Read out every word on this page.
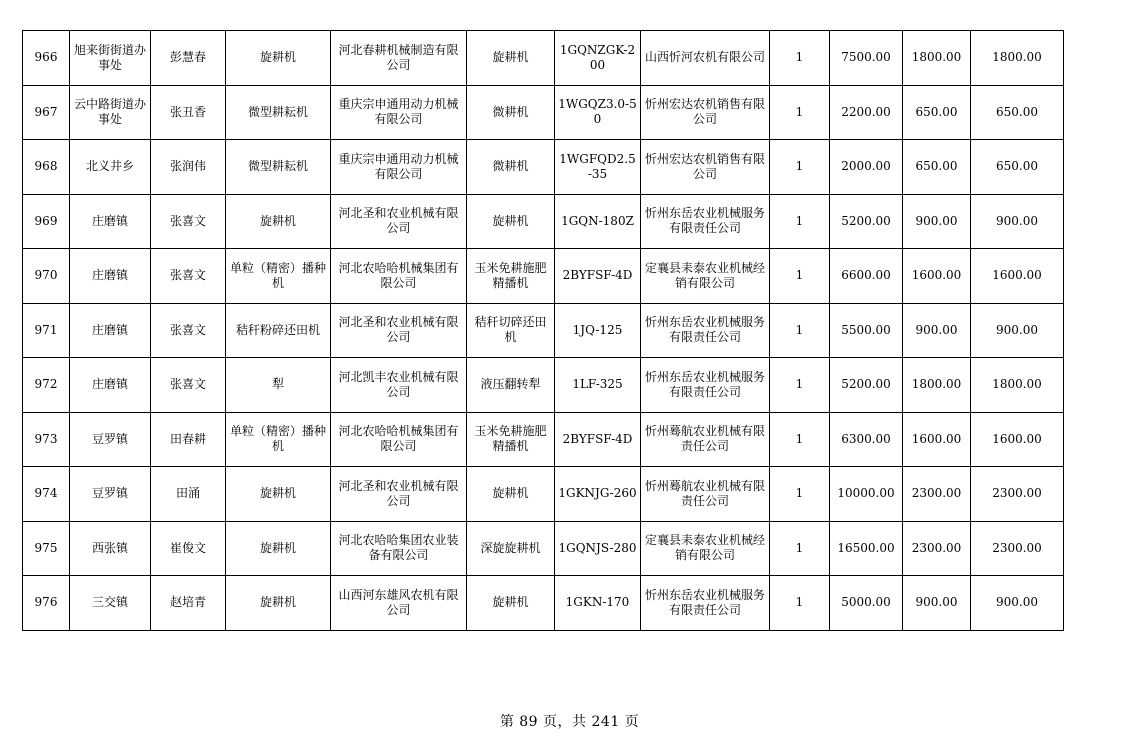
966	旭来街街道办事处	彭慧春	旋耕机	河北春耕机械制造有限公司	旋耕机	1GQNZGK-200	山西忻河农机有限公司	1	7500.00	1800.00	1800.00
967	云中路街道办事处	张丑香	微型耕耘机	重庆宗申通用动力机械有限公司	微耕机	1WGQZ3.0-50	忻州宏达农机销售有限公司	1	2200.00	650.00	650.00
968	北义井乡	张润伟	微型耕耘机	重庆宗申通用动力机械有限公司	微耕机	1WGFQD2.5-35	忻州宏达农机销售有限公司	1	2000.00	650.00	650.00
969	庄磨镇	张喜文	旋耕机	河北圣和农业机械有限公司	旋耕机	1GQN-180Z	忻州东岳农业机械服务有限责任公司	1	5200.00	900.00	900.00
970	庄磨镇	张喜文	单粒（精密）播种机	河北农哈哈机械集团有限公司	玉米免耕施肥精播机	2BYFSF-4D	定襄县耒泰农业机械经销有限公司	1	6600.00	1600.00	1600.00
971	庄磨镇	张喜文	秸秆粉碎还田机	河北圣和农业机械有限公司	秸秆切碎还田机	1JQ-125	忻州东岳农业机械服务有限责任公司	1	5500.00	900.00	900.00
972	庄磨镇	张喜文	犁	河北凯丰农业机械有限公司	液压翻转犁	1LF-325	忻州东岳农业机械服务有限责任公司	1	5200.00	1800.00	1800.00
973	豆罗镇	田春耕	单粒（精密）播种机	河北农哈哈机械集团有限公司	玉米免耕施肥精播机	2BYFSF-4D	忻州蓦航农业机械有限责任公司	1	6300.00	1600.00	1600.00
974	豆罗镇	田涌	旋耕机	河北圣和农业机械有限公司	旋耕机	1GKNJG-260	忻州蓦航农业机械有限责任公司	1	10000.00	2300.00	2300.00
975	西张镇	崔俊文	旋耕机	河北农哈哈集团农业装备有限公司	深旋旋耕机	1GQNJS-280	定襄县耒泰农业机械经销有限公司	1	16500.00	2300.00	2300.00
976	三交镇	赵培青	旋耕机	山西河东雄风农机有限公司	旋耕机	1GKN-170	忻州东岳农业机械服务有限责任公司	1	5000.00	900.00	900.00
第 89 页，共 241 页
